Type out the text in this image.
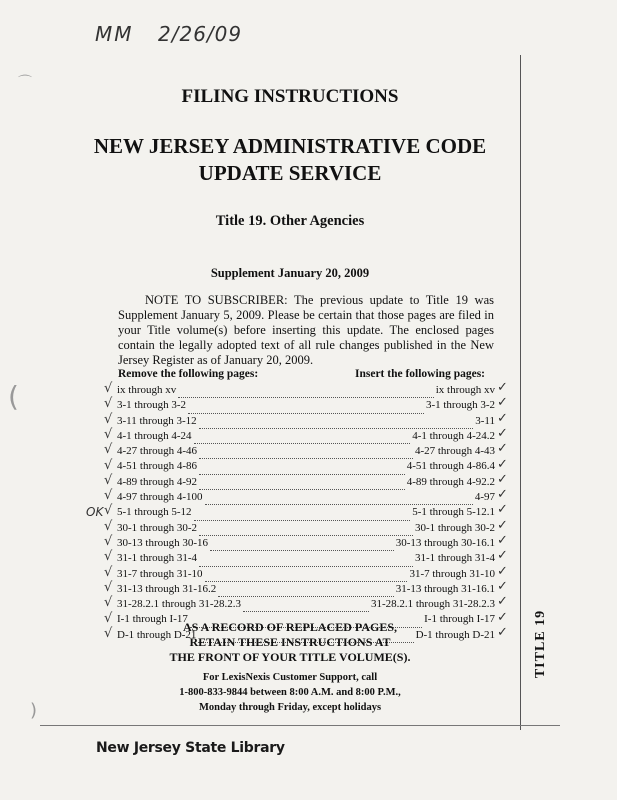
MM 2/26/09
⌒
(
)
FILING INSTRUCTIONS
NEW JERSEY ADMINISTRATIVE CODE
UPDATE SERVICE
Title 19. Other Agencies
Supplement January 20, 2009
NOTE TO SUBSCRIBER: The previous update to Title 19 was Supplement January 5, 2009. Please be certain that those pages are filed in your Title volume(s) before inserting this update. The enclosed pages contain the legally adopted text of all rule changes published in the New Jersey Register as of January 20, 2009.
Remove the following pages:	Insert the following pages:
ix through xv	ix through xv
3-1 through 3-2	3-1 through 3-2
3-11 through 3-12	3-11
4-1 through 4-24	4-1 through 4-24.2
4-27 through 4-46	4-27 through 4-43
4-51 through 4-86	4-51 through 4-86.4
4-89 through 4-92	4-89 through 4-92.2
4-97 through 4-100	4-97
5-1 through 5-12	5-1 through 5-12.1
30-1 through 30-2	30-1 through 30-2
30-13 through 30-16	30-13 through 30-16.1
31-1 through 31-4	31-1 through 31-4
31-7 through 31-10	31-7 through 31-10
31-13 through 31-16.2	31-13 through 31-16.1
31-28.2.1 through 31-28.2.3	31-28.2.1 through 31-28.2.3
I-1 through I-17	I-1 through I-17
D-1 through D-21	D-1 through D-21
OK
AS A RECORD OF REPLACED PAGES,
RETAIN THESE INSTRUCTIONS AT
THE FRONT OF YOUR TITLE VOLUME(S).
For LexisNexis Customer Support, call
1-800-833-9844 between 8:00 A.M. and 8:00 P.M.,
Monday through Friday, except holidays
TITLE 19
New Jersey State Library
√	✓
√	✓
√	✓
√	✓
√	✓
√	✓
√	✓
√	✓
√	✓
√	✓
√	✓
√	✓
√	✓
√	✓
√	✓
√	✓
√	✓
